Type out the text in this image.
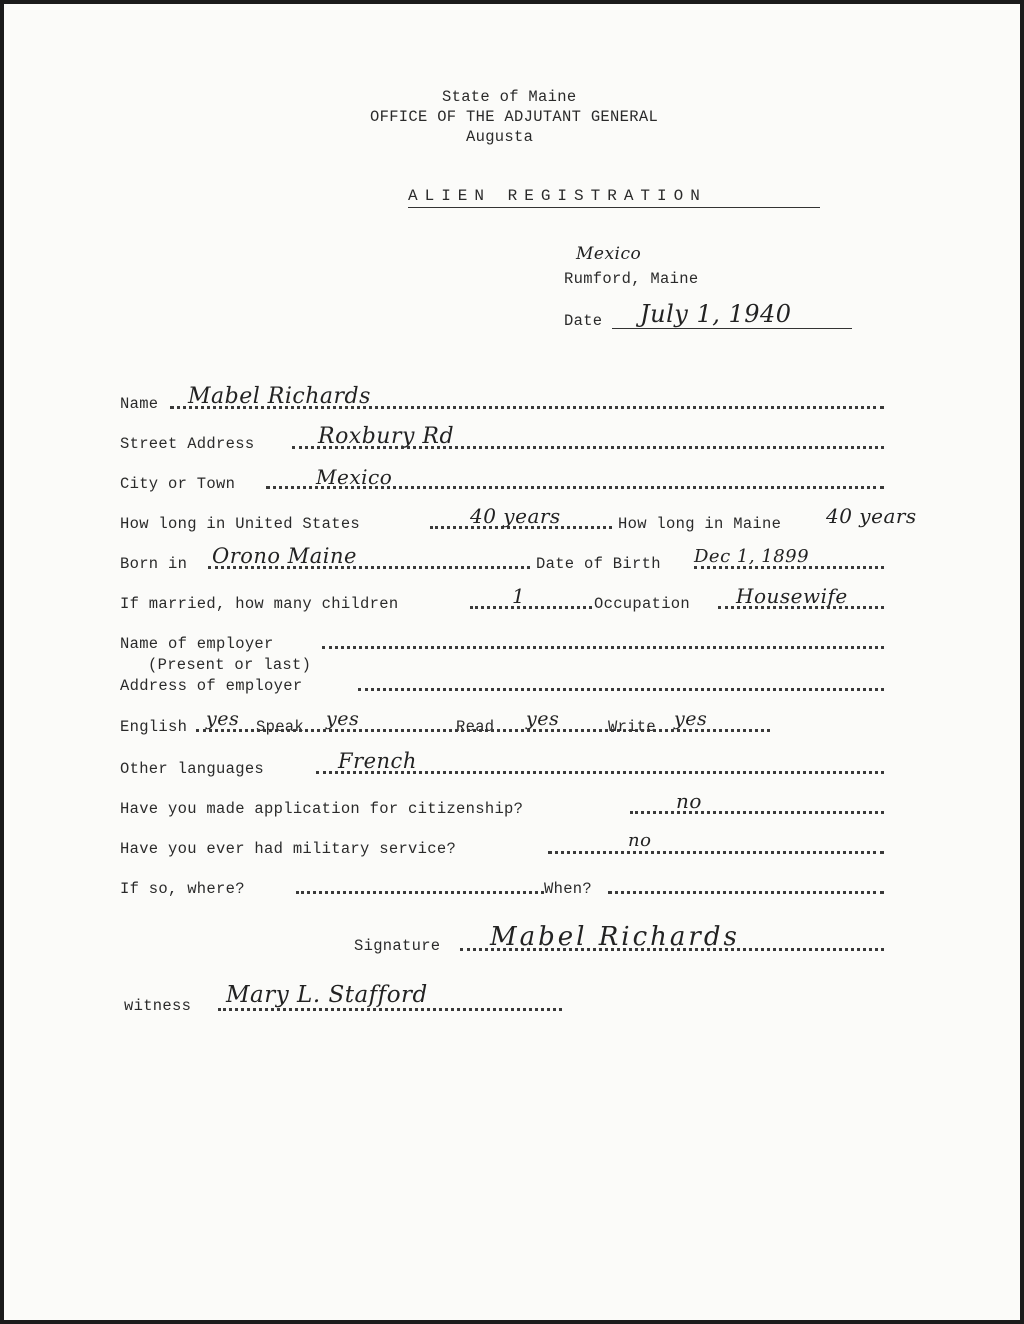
State of Maine
OFFICE OF THE ADJUTANT GENERAL
Augusta
ALIEN REGISTRATION
Mexico
Rumford, Maine
Date July 1, 1940
Name Mabel Richards
Street Address	Roxbury Rd
City or Town	Mexico
How long in United States	40 years	How long in Maine 40 years
Born in Orono Maine	Date of Birth Dec 1, 1899
If married, how many children	1	Occupation Housewife
Name of employer
(Present or last)
Address of employer
English yes Speak yes	Read yes	Write yes
Other languages	French
Have you made application for citizenship?	no
Have you ever had military service?	no
If so, where?	When?
Signature Mabel Richards
witness Mary L. Stafford
